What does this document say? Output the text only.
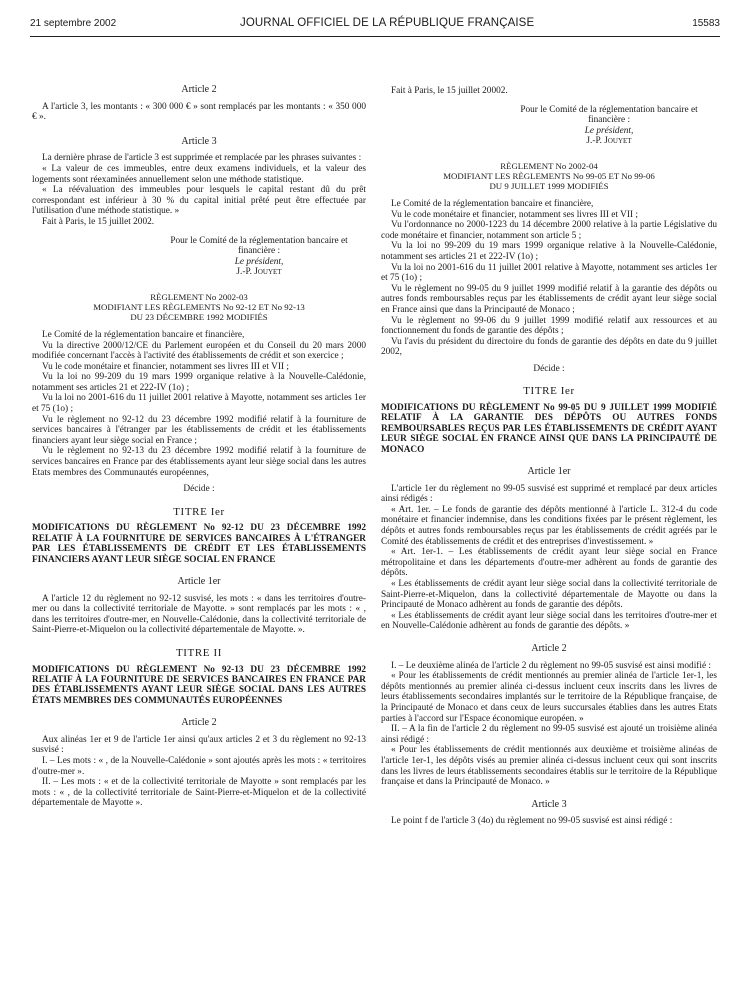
21 septembre 2002	JOURNAL OFFICIEL DE LA RÉPUBLIQUE FRANÇAISE	15583

Article 2

A l'article 3, les montants : « 300 000 € » sont remplacés par les montants : « 350 000 € ».

Article 3

La dernière phrase de l'article 3 est supprimée et remplacée par les phrases suivantes :

« La valeur de ces immeubles, entre deux examens individuels, et la valeur des logements sont réexaminées annuellement selon une méthode statistique.

« La réévaluation des immeubles pour lesquels le capital restant dû du prêt correspondant est inférieur à 30 % du capital initial prêté peut être effectuée par l'utilisation d'une méthode statistique. »

Fait à Paris, le 15 juillet 2002.

Pour le Comité de la réglementation bancaire et financière :

Le président,

J.-P. Jouyet

RÈGLEMENT No 2002-03

MODIFIANT LES RÈGLEMENTS No 92-12 ET No 92-13

DU 23 DÉCEMBRE 1992 MODIFIÉS

Le Comité de la réglementation bancaire et financière,

Vu la directive 2000/12/CE du Parlement européen et du Conseil du 20 mars 2000 modifiée concernant l'accès à l'activité des établissements de crédit et son exercice ;

Vu le code monétaire et financier, notamment ses livres III et VII ;

Vu la loi no 99-209 du 19 mars 1999 organique relative à la Nouvelle-Calédonie, notamment ses articles 21 et 222-IV (1o) ;

Vu la loi no 2001-616 du 11 juillet 2001 relative à Mayotte, notamment ses articles 1er et 75 (1o) ;

Vu le règlement no 92-12 du 23 décembre 1992 modifié relatif à la fourniture de services bancaires à l'étranger par les établissements de crédit et les établissements financiers ayant leur siège social en France ;

Vu le règlement no 92-13 du 23 décembre 1992 modifié relatif à la fourniture de services bancaires en France par des établissements ayant leur siège social dans les autres Etats membres des Communautés européennes,

Décide :

TITRE Ier

MODIFICATIONS DU RÈGLEMENT No 92-12 DU 23 DÉCEMBRE 1992 RELATIF À LA FOURNITURE DE SERVICES BANCAIRES À L'ÉTRANGER PAR LES ÉTABLISSEMENTS DE CRÉDIT ET LES ÉTABLISSEMENTS FINANCIERS AYANT LEUR SIÈGE SOCIAL EN FRANCE

Article 1er

A l'article 12 du règlement no 92-12 susvisé, les mots : « dans les territoires d'outre-mer ou dans la collectivité territoriale de Mayotte. » sont remplacés par les mots : « , dans les territoires d'outre-mer, en Nouvelle-Calédonie, dans la collectivité territoriale de Saint-Pierre-et-Miquelon ou la collectivité départementale de Mayotte. ».

TITRE II

MODIFICATIONS DU RÈGLEMENT No 92-13 DU 23 DÉCEMBRE 1992 RELATIF À LA FOURNITURE DE SERVICES BANCAIRES EN FRANCE PAR DES ÉTABLISSEMENTS AYANT LEUR SIÈGE SOCIAL DANS LES AUTRES ÉTATS MEMBRES DES COMMUNAUTÉS EUROPÉENNES

Article 2

Aux alinéas 1er et 9 de l'article 1er ainsi qu'aux articles 2 et 3 du règlement no 92-13 susvisé :

I. – Les mots : « , de la Nouvelle-Calédonie » sont ajoutés après les mots : « territoires d'outre-mer ».

II. – Les mots : « et de la collectivité territoriale de Mayotte » sont remplacés par les mots : « , de la collectivité territoriale de Saint-Pierre-et-Miquelon et de la collectivité départementale de Mayotte ».

Fait à Paris, le 15 juillet 20002.

Pour le Comité de la réglementation bancaire et financière :

Le président,

J.-P. Jouyet

RÈGLEMENT No 2002-04

MODIFIANT LES RÈGLEMENTS No 99-05 ET No 99-06

DU 9 JUILLET 1999 MODIFIÉS

Le Comité de la réglementation bancaire et financière,

Vu le code monétaire et financier, notamment ses livres III et VII ;

Vu l'ordonnance no 2000-1223 du 14 décembre 2000 relative à la partie Législative du code monétaire et financier, notamment son article 5 ;

Vu la loi no 99-209 du 19 mars 1999 organique relative à la Nouvelle-Calédonie, notamment ses articles 21 et 222-IV (1o) ;

Vu la loi no 2001-616 du 11 juillet 2001 relative à Mayotte, notamment ses articles 1er et 75 (1o) ;

Vu le règlement no 99-05 du 9 juillet 1999 modifié relatif à la garantie des dépôts ou autres fonds remboursables reçus par les établissements de crédit ayant leur siège social en France ainsi que dans la Principauté de Monaco ;

Vu le règlement no 99-06 du 9 juillet 1999 modifié relatif aux ressources et au fonctionnement du fonds de garantie des dépôts ;

Vu l'avis du président du directoire du fonds de garantie des dépôts en date du 9 juillet 2002,

Décide :

TITRE Ier

MODIFICATIONS DU RÈGLEMENT No 99-05 DU 9 JUILLET 1999 MODIFIÉ RELATIF À LA GARANTIE DES DÉPÔTS OU AUTRES FONDS REMBOURSABLES REÇUS PAR LES ÉTABLISSEMENTS DE CRÉDIT AYANT LEUR SIÈGE SOCIAL EN FRANCE AINSI QUE DANS LA PRINCIPAUTÉ DE MONACO

Article 1er

L'article 1er du règlement no 99-05 susvisé est supprimé et remplacé par deux articles ainsi rédigés :

« Art. 1er. – Le fonds de garantie des dépôts mentionné à l'article L. 312-4 du code monétaire et financier indemnise, dans les conditions fixées par le présent règlement, les dépôts et autres fonds remboursables reçus par les établissements de crédit agréés par le Comité des établissements de crédit et des entreprises d'investissement. »

« Art. 1er-1. – Les établissements de crédit ayant leur siège social en France métropolitaine et dans les départements d'outre-mer adhèrent au fonds de garantie des dépôts.

« Les établissements de crédit ayant leur siège social dans la collectivité territoriale de Saint-Pierre-et-Miquelon, dans la collectivité départementale de Mayotte ou dans la Principauté de Monaco adhèrent au fonds de garantie des dépôts.

« Les établissements de crédit ayant leur siège social dans les territoires d'outre-mer et en Nouvelle-Calédonie adhèrent au fonds de garantie des dépôts. »

Article 2

I. – Le deuxième alinéa de l'article 2 du règlement no 99-05 susvisé est ainsi modifié :

« Pour les établissements de crédit mentionnés au premier alinéa de l'article 1er-1, les dépôts mentionnés au premier alinéa ci-dessus incluent ceux inscrits dans les livres de leurs établissements secondaires implantés sur le territoire de la République française, de la Principauté de Monaco et dans ceux de leurs succursales établies dans les autres Etats parties à l'accord sur l'Espace économique européen. »

II. – A la fin de l'article 2 du règlement no 99-05 susvisé est ajouté un troisième alinéa ainsi rédigé :

« Pour les établissements de crédit mentionnés aux deuxième et troisième alinéas de l'article 1er-1, les dépôts visés au premier alinéa ci-dessus incluent ceux qui sont inscrits dans les livres de leurs établissements secondaires établis sur le territoire de la République française et dans la Principauté de Monaco. »

Article 3

Le point f de l'article 3 (4o) du règlement no 99-05 susvisé est ainsi rédigé :
